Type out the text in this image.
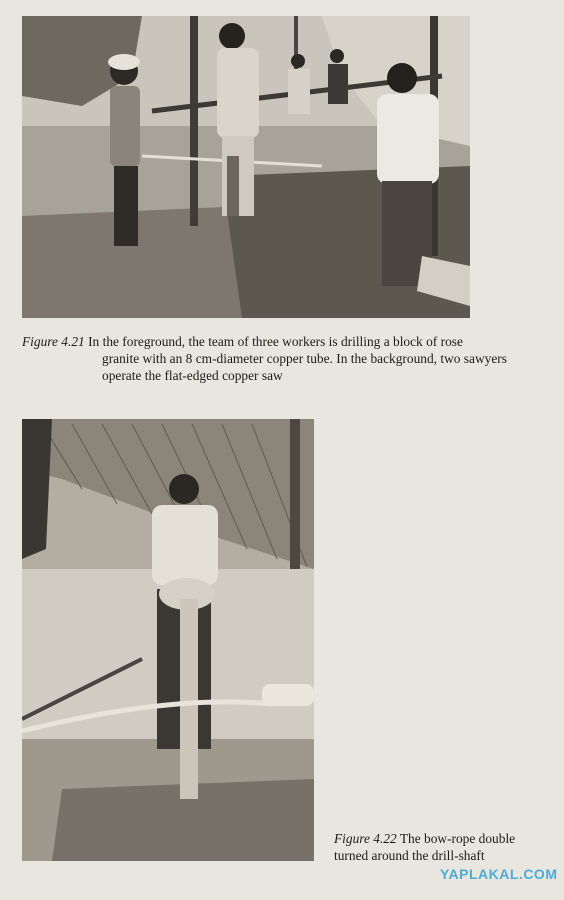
Figure 4.21 In the foreground, the team of three workers is drilling a block of rose
granite with an 8 cm-diameter copper tube. In the background, two sawyers
operate the flat-edged copper saw
Figure 4.22 The bow-rope double
turned around the drill-shaft
YAPLAKAL.COM
